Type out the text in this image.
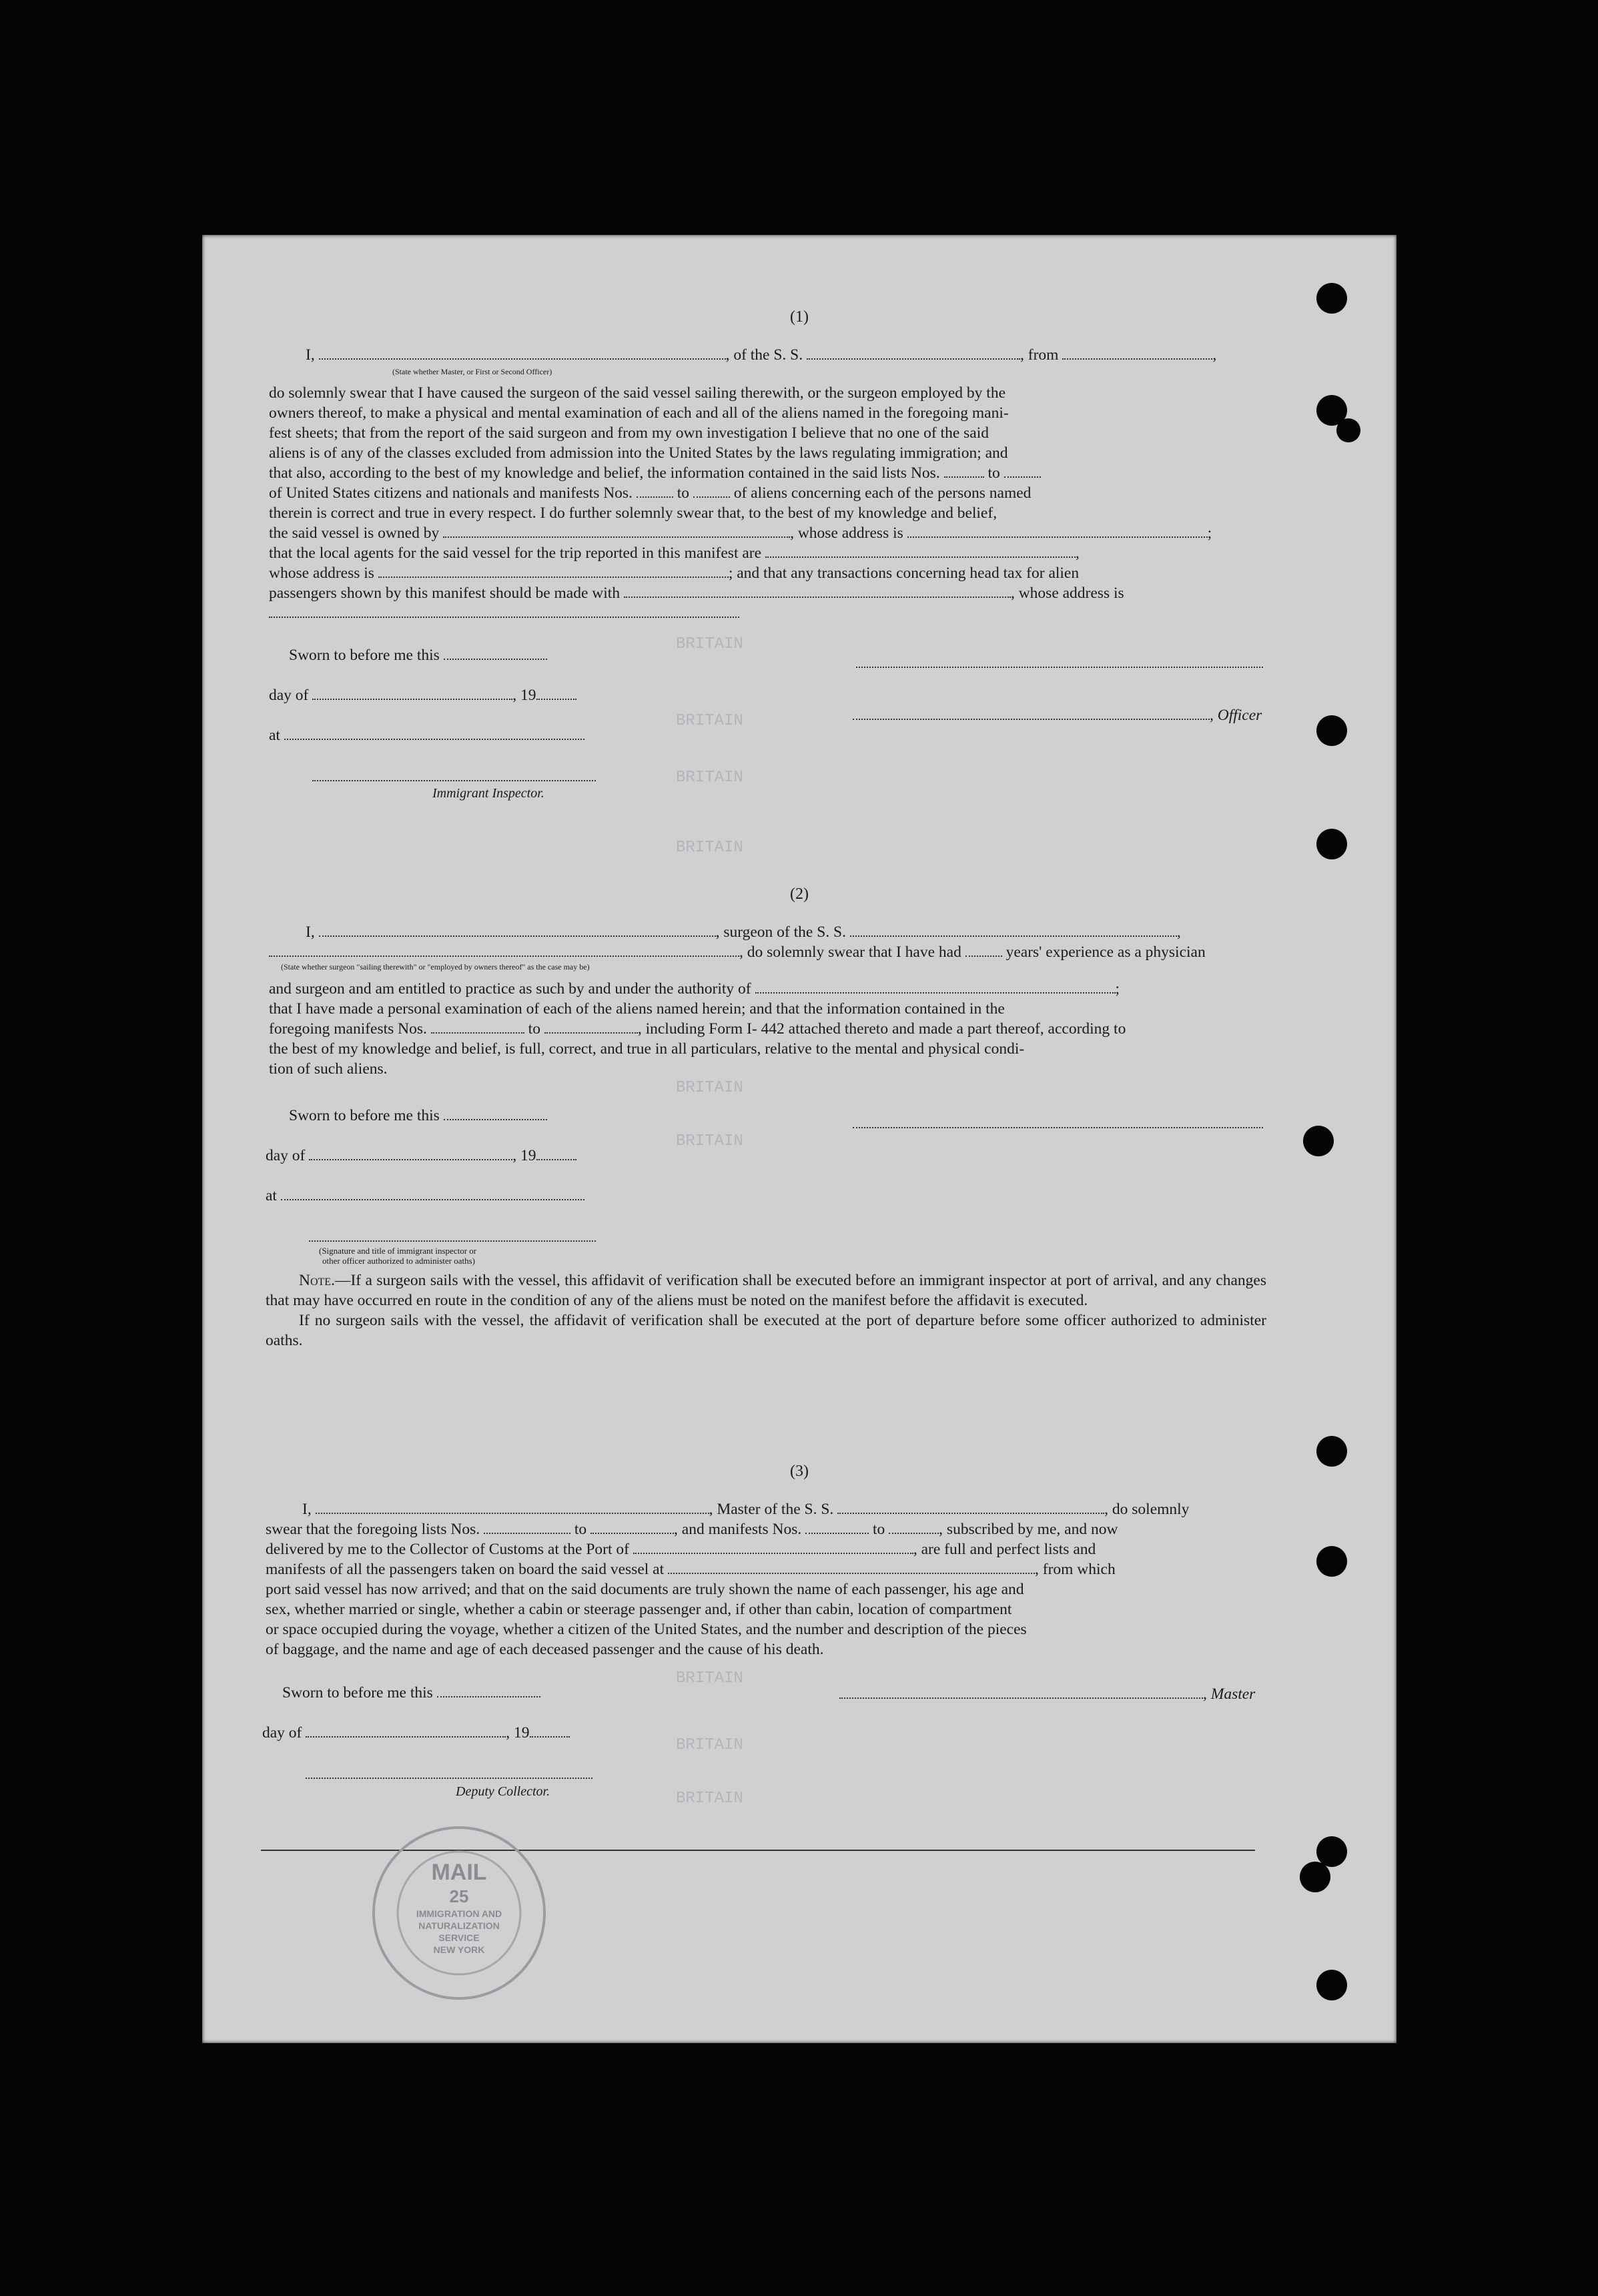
BRITAIN
BRITAIN
BRITAIN
BRITAIN
BRITAIN
BRITAIN
BRITAIN
BRITAIN
BRITAIN
(1)
I,	, of the S. S.	, from	,
(State whether Master, or First or Second Officer)

do solemnly swear that I have caused the surgeon of the said vessel sailing therewith, or the surgeon employed by the

owners thereof, to make a physical and mental examination of each and all of the aliens named in the foregoing mani-

fest sheets; that from the report of the said surgeon and from my own investigation I believe that no one of the said

aliens is of any of the classes excluded from admission into the United States by the laws regulating immigration; and

that also, according to the best of my knowledge and belief, the information contained in the said lists Nos.	to

of United States citizens and nationals and manifests Nos.	to	of aliens concerning each of the persons named

therein is correct and true in every respect. I do further solemnly swear that, to the best of my knowledge and belief,

the said vessel is owned by	, whose address is	;

that the local agents for the said vessel for the trip reported in this manifest are	,

whose address is	; and that any transactions concerning head tax for alien

passengers shown by this manifest should be made with	, whose address is

Sworn to before me this
day of	, 19
, Officer
at
Immigrant Inspector.
(2)
I,	, surgeon of the S. S.	,
, do solemnly swear that I have had	years' experience as a physician
(State whether surgeon "sailing therewith" or "employed by owners thereof" as the case may be)

and surgeon and am entitled to practice as such by and under the authority of	;

that I have made a personal examination of each of the aliens named herein; and that the information contained in the

foregoing manifests Nos.	to	, including Form I- 442 attached thereto and made a part thereof, according to

the best of my knowledge and belief, is full, correct, and true in all particulars, relative to the mental and physical condi-

tion of such aliens.

Sworn to before me this
day of	, 19
at
(Signature and title of immigrant inspector or
other officer authorized to administer oaths)

Note.—If a surgeon sails with the vessel, this affidavit of verification shall be executed before an immigrant inspector at port of arrival, and any changes that may have occurred en route in the condition of any of the aliens must be noted on the manifest before the affidavit is executed.

If no surgeon sails with the vessel, the affidavit of verification shall be executed at the port of departure before some officer authorized to administer oaths.

(3)
I,	, Master of the S. S.	, do solemnly

swear that the foregoing lists Nos.	to	, and manifests Nos.	to	, subscribed by me, and now

delivered by me to the Collector of Customs at the Port of	, are full and perfect lists and

manifests of all the passengers taken on board the said vessel at	, from which

port said vessel has now arrived; and that on the said documents are truly shown the name of each passenger, his age and

sex, whether married or single, whether a cabin or steerage passenger and, if other than cabin, location of compartment

or space occupied during the voyage, whether a citizen of the United States, and the number and description of the pieces

of baggage, and the name and age of each deceased passenger and the cause of his death.

Sworn to before me this	, Master
day of	, 19
Deputy Collector.
MAIL
25
IMMIGRATION AND
NATURALIZATION
SERVICE
NEW YORK
